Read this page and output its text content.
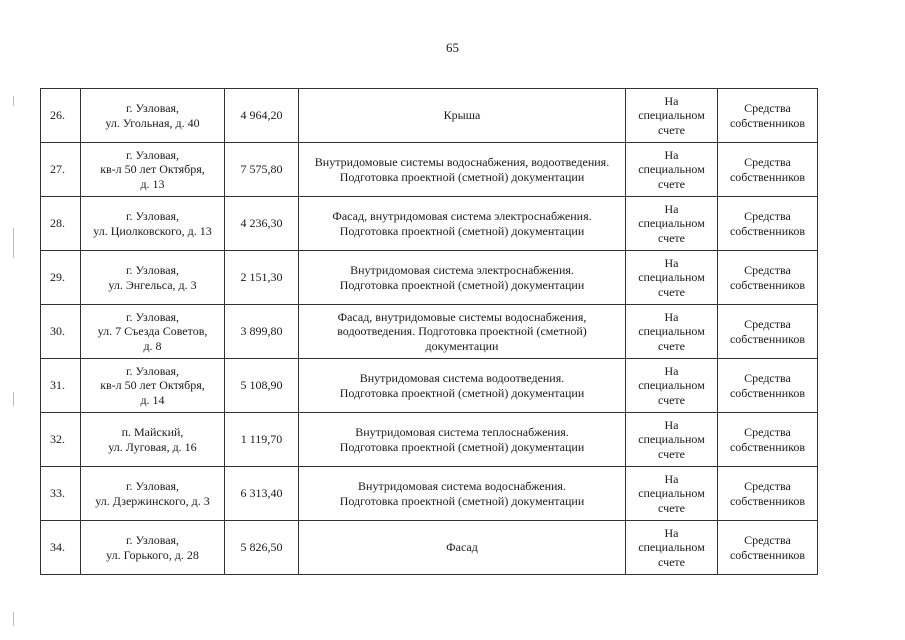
65
26.	г. Узловая,
ул. Угольная, д. 40	4 964,20	Крыша	На
специальном
счете	Средства
собственников
27.	г. Узловая,
кв-л 50 лет Октября,
д. 13	7 575,80	Внутридомовые системы водоснабжения, водоотведения.
Подготовка проектной (сметной) документации	На
специальном
счете	Средства
собственников
28.	г. Узловая,
ул. Циолковского, д. 13	4 236,30	Фасад, внутридомовая система электроснабжения.
Подготовка проектной (сметной) документации	На
специальном
счете	Средства
собственников
29.	г. Узловая,
ул. Энгельса, д. 3	2 151,30	Внутридомовая система электроснабжения.
Подготовка проектной (сметной) документации	На
специальном
счете	Средства
собственников
30.	г. Узловая,
ул. 7 Съезда Советов,
д. 8	3 899,80	Фасад, внутридомовые системы водоснабжения,
водоотведения. Подготовка проектной (сметной)
документации	На
специальном
счете	Средства
собственников
31.	г. Узловая,
кв-л 50 лет Октября,
д. 14	5 108,90	Внутридомовая система водоотведения.
Подготовка проектной (сметной) документации	На
специальном
счете	Средства
собственников
32.	п. Майский,
ул. Луговая, д. 16	1 119,70	Внутридомовая система теплоснабжения.
Подготовка проектной (сметной) документации	На
специальном
счете	Средства
собственников
33.	г. Узловая,
ул. Дзержинского, д. 3	6 313,40	Внутридомовая система водоснабжения.
Подготовка проектной (сметной) документации	На
специальном
счете	Средства
собственников
34.	г. Узловая,
ул. Горького, д. 28	5 826,50	Фасад	На
специальном
счете	Средства
собственников
